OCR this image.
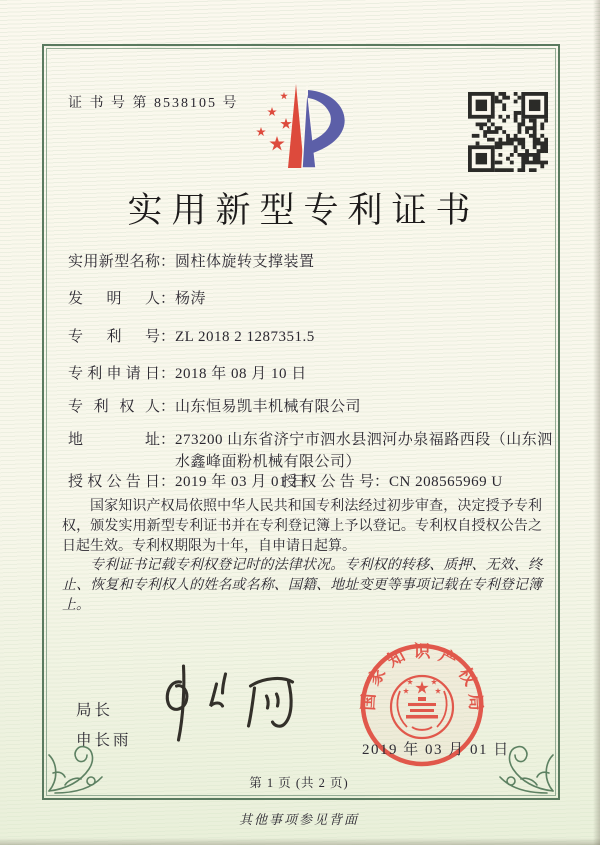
证 书 号 第 8538105 号
实用新型专利证书
实用新型名称：圆柱体旋转支撑装置
发明人：杨涛
专利号：ZL 2018 2 1287351.5
专利申请日：2018 年 08 月 10 日
专利权人：山东恒易凯丰机械有限公司
地址：273200 山东省济宁市泗水县泗河办泉福路西段（山东泗水鑫峰面粉机械有限公司）
授权公告日：2019 年 03 月 01 日
授权公告号：CN 208565969 U

国家知识产权局依照中华人民共和国专利法经过初步审查，决定授予专利权，颁发实用新型专利证书并在专利登记簿上予以登记。专利权自授权公告之日起生效。专利权期限为十年，自申请日起算。

专利证书记载专利权登记时的法律状况。专利权的转移、质押、无效、终止、恢复和专利权人的姓名或名称、国籍、地址变更等事项记载在专利登记簿上。

局长
申长雨
国家知识产权局
2019 年 03 月 01 日
第 1 页 (共 2 页)
其他事项参见背面
